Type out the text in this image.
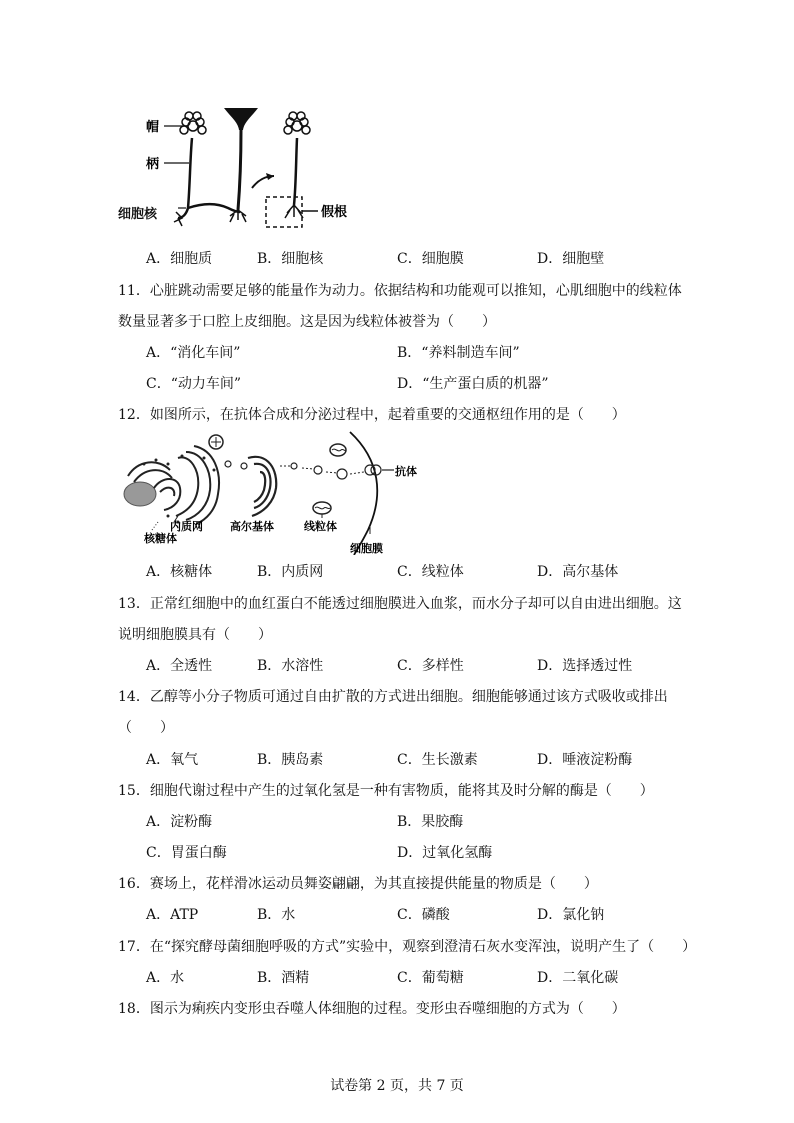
帽
柄
假根
细胞核
A．细胞质	B．细胞核	C．细胞膜	D．细胞壁
11．心脏跳动需要足够的能量作为动力。依据结构和功能观可以推知，心肌细胞中的线粒体
数量显著多于口腔上皮细胞。这是因为线粒体被誉为（　　）
A．“消化车间”	B．“养料制造车间”
C．“动力车间”	D．“生产蛋白质的机器”
12．如图所示，在抗体合成和分泌过程中，起着重要的交通枢纽作用的是（　　）
抗体
内质网 高尔基体	线粒体
核糖体
细胞膜
A．核糖体	B．内质网	C．线粒体	D．高尔基体
13．正常红细胞中的血红蛋白不能透过细胞膜进入血浆，而水分子却可以自由进出细胞。这
说明细胞膜具有（　　）
A．全透性	B．水溶性	C．多样性	D．选择透过性
14．乙醇等小分子物质可通过自由扩散的方式进出细胞。细胞能够通过该方式吸收或排出
（　　）
A．氧气	B．胰岛素	C．生长激素	D．唾液淀粉酶
15．细胞代谢过程中产生的过氧化氢是一种有害物质，能将其及时分解的酶是（　　）
A．淀粉酶	B．果胶酶
C．胃蛋白酶	D．过氧化氢酶
16．赛场上，花样滑冰运动员舞姿翩翩，为其直接提供能量的物质是（　　）
A．ATP	B．水	C．磷酸	D．氯化钠
17．在“探究酵母菌细胞呼吸的方式”实验中，观察到澄清石灰水变浑浊，说明产生了（　　）
A．水	B．酒精	C．葡萄糖	D．二氧化碳
18．图示为痢疾内变形虫吞噬人体细胞的过程。变形虫吞噬细胞的方式为（　　）
试卷第 2 页，共 7 页
